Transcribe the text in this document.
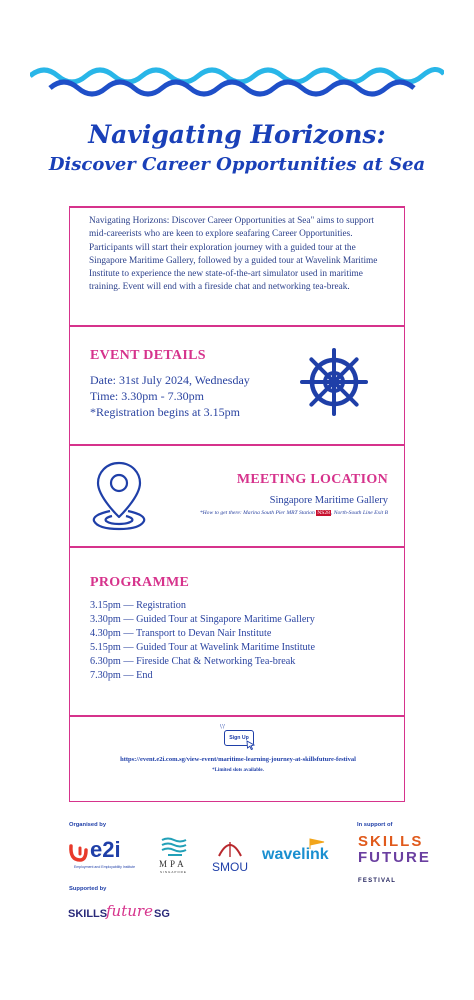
Navigating Horizons:
Discover Career Opportunities at Sea

Navigating Horizons: Discover Career Opportunities at Sea" aims to support mid-careerists who are keen to explore seafaring Career Opportunities. Participants will start their exploration journey with a guided tour at the Singapore Maritime Gallery, followed by a guided tour at Wavelink Maritime Institute to experience the new state-of-the-art simulator used in maritime training. Event will end with a fireside chat and networking tea-break.

EVENT DETAILS
Date: 31st July 2024, Wednesday
Time: 3.30pm - 7.30pm
*Registration begins at 3.15pm
MEETING LOCATION
Singapore Maritime Gallery
*How to get there: Marina South Pier MRT Station NS28, North-South Line Exit B
PROGRAMME
3.15pm — Registration
3.30pm — Guided Tour at Singapore Maritime Gallery
4.30pm — Transport to Devan Nair Institute
5.15pm — Guided Tour at Wavelink Maritime Institute
6.30pm — Fireside Chat & Networking Tea-break
7.30pm — End
\'/
Sign Up
https://event.e2i.com.sg/view-event/maritime-learning-journey-at-skillsfuture-festival
*Limited slots available.
Organised by	In support of
Supported by
e2i
Employment and Employability Institute	MPA
SINGAPORE SMOU
wavelink
SKILLS
FUTURE
FESTIVAL
SKILLS
future SG
